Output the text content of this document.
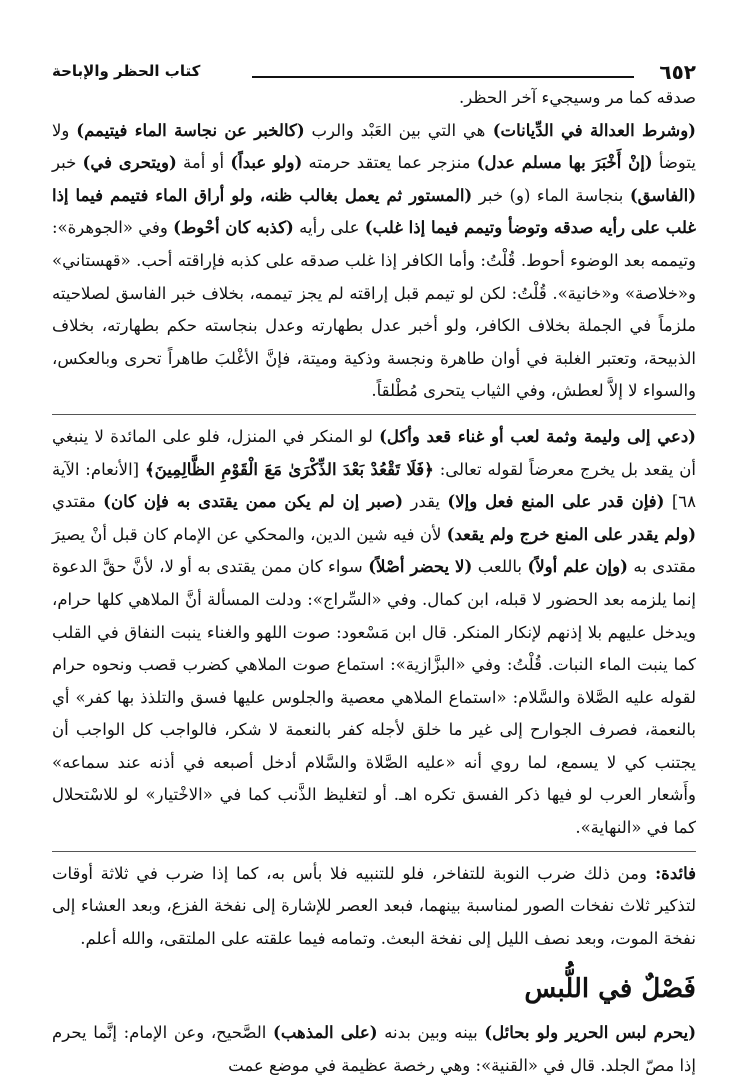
٦٥٢
كتاب الحظر والإباحة

صدقه كما مر وسيجيء آخر الحظر.

(وشرط العدالة في الدِّيانات) هي التي بين العَبْد والرب (كالخبر عن نجاسة الماء فيتيمم) ولا يتوضأ (إنْ أَخْبَرَ بها مسلم عدل) منزجر عما يعتقد حرمته (ولو عبداً) أو أمة (ويتحرى في) خبر (الفاسق) بنجاسة الماء (و) خبر (المستور ثم يعمل بغالب ظنه، ولو أراق الماء فتيمم فيما إذا غلب على رأيه صدقه وتوضأ وتيمم فيما إذا غلب) على رأيه (كذبه كان أحْوط) وفي «الجوهرة»: وتيممه بعد الوضوء أحوط. قُلْتُ: وأما الكافر إذا غلب صدقه على كذبه فإراقته أحب. «قهستاني» و«خلاصة» و«خانية». قُلْتُ: لكن لو تيمم قبل إراقته لم يجز تيممه، بخلاف خبر الفاسق لصلاحيته ملزماً في الجملة بخلاف الكافر، ولو أخبر عدل بطهارته وعدل بنجاسته حكم بطهارته، بخلاف الذبيحة، وتعتبر الغلبة في أوان طاهرة ونجسة وذكية وميتة، فإنَّ الأغْلبَ طاهراً تحرى وبالعكس، والسواء لا إلاَّ لعطش، وفي الثياب يتحرى مُطْلقاً.

(دعي إلى وليمة وثمة لعب أو غناء قعد وأكل) لو المنكر في المنزل، فلو على المائدة لا ينبغي أن يقعد بل يخرج معرضاً لقوله تعالى: ﴿فَلَا تَقْعُدْ بَعْدَ الذِّكْرَىٰ مَعَ الْقَوْمِ الظَّالِمِينَ﴾ [الأنعام: الآية ٦٨] (فإن قدر على المنع فعل وإلا) يقدر (صبر إن لم يكن ممن يقتدى به فإن كان) مقتدي (ولم يقدر على المنع خرج ولم يقعد) لأن فيه شين الدين، والمحكي عن الإمام كان قبل أنْ يصيرَ مقتدى به (وإن علم أولاً) باللعب (لا يحضر أصْلاً) سواء كان ممن يقتدى به أو لا، لأنَّ حقَّ الدعوة إنما يلزمه بعد الحضور لا قبله، ابن كمال. وفي «السِّراج»: ودلت المسألة أنَّ الملاهي كلها حرام، ويدخل عليهم بلا إذنهم لإنكار المنكر. قال ابن مَسْعود: صوت اللهو والغناء ينبت النفاق في القلب كما ينبت الماء النبات. قُلْتُ: وفي «البزَّازية»: استماع صوت الملاهي كضرب قصب ونحوه حرام لقوله عليه الصَّلاة والسَّلام: «استماع الملاهي معصية والجلوس عليها فسق والتلذذ بها كفر» أي بالنعمة، فصرف الجوارح إلى غير ما خلق لأجله كفر بالنعمة لا شكر، فالواجب كل الواجب أن يجتنب كي لا يسمع، لما روي أنه «عليه الصَّلاة والسَّلام أدخل أصبعه في أذنه عند سماعه» وأَشعار العرب لو فيها ذكر الفسق تكره اهـ. أو لتغليظ الذَّنب كما في «الاخْتيار» لو للاسْتحلال كما في «النهاية».

فائدة: ومن ذلك ضرب النوبة للتفاخر، فلو للتنبيه فلا بأس به، كما إذا ضرب في ثلاثة أوقات لتذكير ثلاث نفخات الصور لمناسبة بينهما، فبعد العصر للإشارة إلى نفخة الفزع، وبعد العشاء إلى نفخة الموت، وبعد نصف الليل إلى نفخة البعث. وتمامه فيما علقته على الملتقى، والله أعلم.

فَصْلٌ في اللُّبس

(يحرم لبس الحرير ولو بحائل) بينه وبين بدنه (على المذهب) الصَّحيح، وعن الإمام: إنَّما يحرم إذا مصّ الجلد. قال في «القنية»: وهي رخصة عظيمة في موضع عمت
